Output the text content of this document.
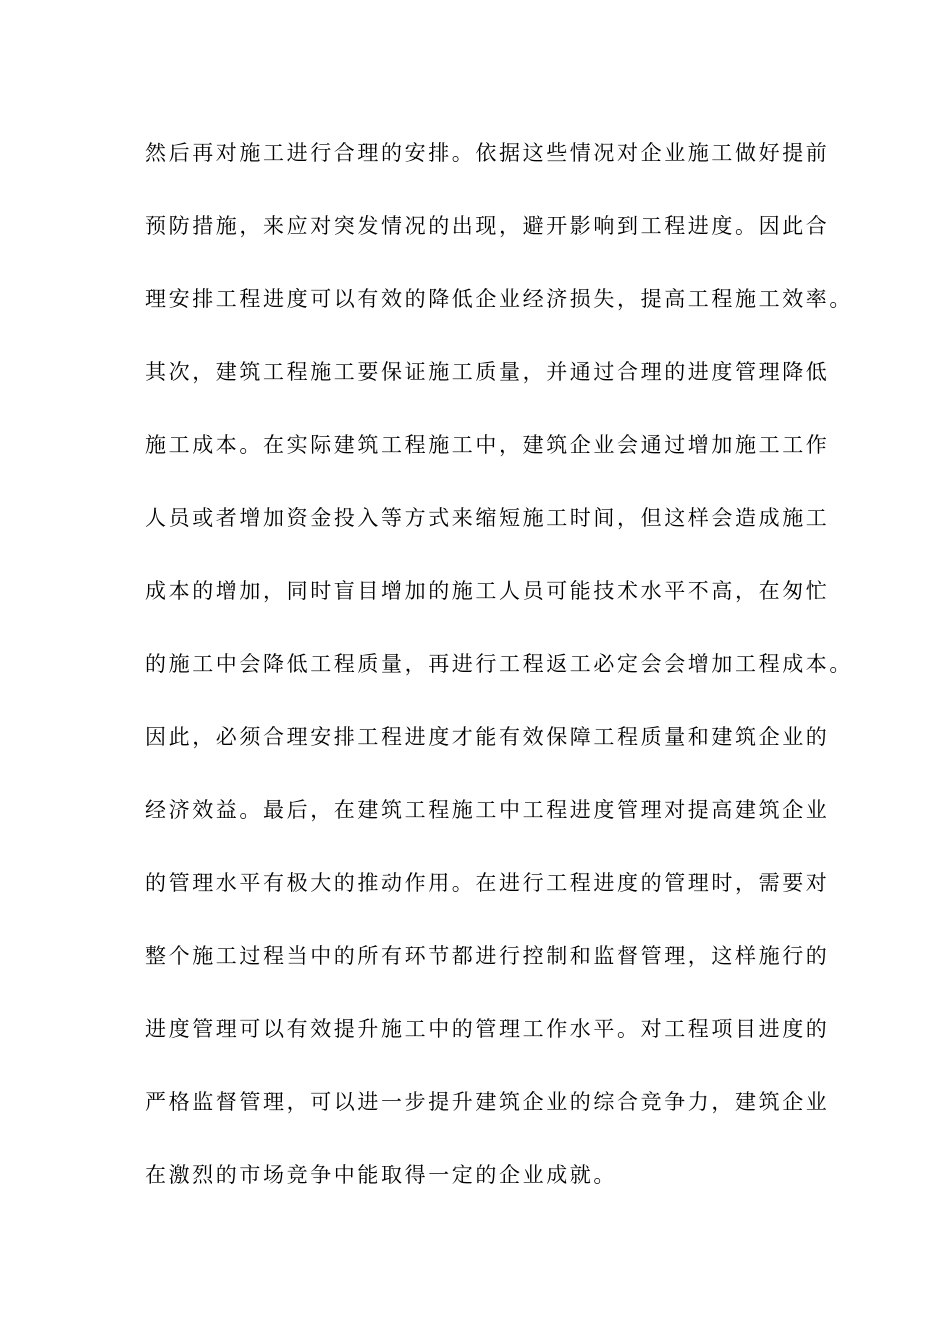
然后再对施工进行合理的安排。依据这些情况对企业施工做好提前
预防措施，来应对突发情况的出现，避开影响到工程进度。因此合
理安排工程进度可以有效的降低企业经济损失，提高工程施工效率。
其次，建筑工程施工要保证施工质量，并通过合理的进度管理降低
施工成本。在实际建筑工程施工中，建筑企业会通过增加施工工作
人员或者增加资金投入等方式来缩短施工时间，但这样会造成施工
成本的增加，同时盲目增加的施工人员可能技术水平不高，在匆忙
的施工中会降低工程质量，再进行工程返工必定会会增加工程成本。
因此，必须合理安排工程进度才能有效保障工程质量和建筑企业的
经济效益。最后，在建筑工程施工中工程进度管理对提高建筑企业
的管理水平有极大的推动作用。在进行工程进度的管理时，需要对
整个施工过程当中的所有环节都进行控制和监督管理，这样施行的
进度管理可以有效提升施工中的管理工作水平。对工程项目进度的
严格监督管理，可以进一步提升建筑企业的综合竞争力，建筑企业
在激烈的市场竞争中能取得一定的企业成就。
